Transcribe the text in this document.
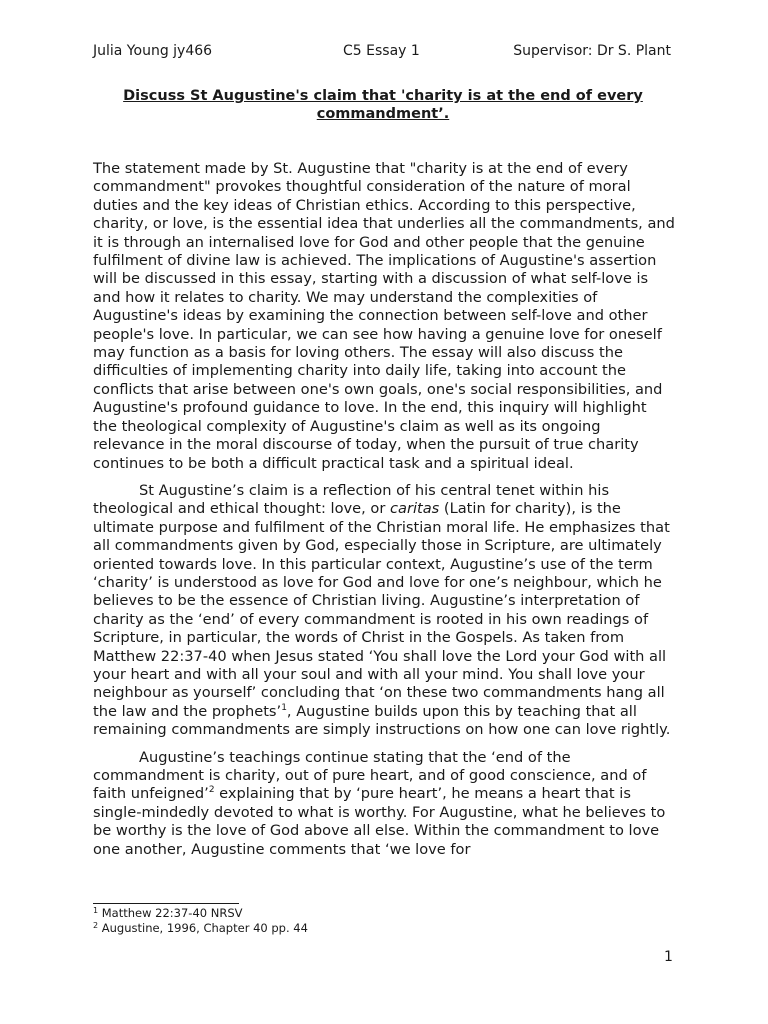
Julia Young jy466	C5 Essay 1	Supervisor: Dr S. Plant
Discuss St Augustine's claim that 'charity is at the end of every commandment’.

The statement made by St. Augustine that "charity is at the end of every commandment" provokes thoughtful consideration of the nature of moral duties and the key ideas of Christian ethics. According to this perspective, charity, or love, is the essential idea that underlies all the commandments, and it is through an internalised love for God and other people that the genuine fulfilment of divine law is achieved. The implications of Augustine's assertion will be discussed in this essay, starting with a discussion of what self-love is and how it relates to charity. We may understand the complexities of Augustine's ideas by examining the connection between self-love and other people's love. In particular, we can see how having a genuine love for oneself may function as a basis for loving others. The essay will also discuss the difficulties of implementing charity into daily life, taking into account the conflicts that arise between one's own goals, one's social responsibilities, and Augustine's profound guidance to love. In the end, this inquiry will highlight the theological complexity of Augustine's claim as well as its ongoing relevance in the moral discourse of today, when the pursuit of true charity continues to be both a difficult practical task and a spiritual ideal.

St Augustine’s claim is a reflection of his central tenet within his theological and ethical thought: love, or caritas (Latin for charity), is the ultimate purpose and fulfilment of the Christian moral life. He emphasizes that all commandments given by God, especially those in Scripture, are ultimately oriented towards love. In this particular context, Augustine’s use of the term ‘charity’ is understood as love for God and love for one’s neighbour, which he believes to be the essence of Christian living. Augustine’s interpretation of charity as the ‘end’ of every commandment is rooted in his own readings of Scripture, in particular, the words of Christ in the Gospels. As taken from Matthew 22:37-40 when Jesus stated ‘You shall love the Lord your God with all your heart and with all your soul and with all your mind. You shall love your neighbour as yourself’ concluding that ‘on these two commandments hang all the law and the prophets’$^1$, Augustine builds upon this by teaching that all remaining commandments are simply instructions on how one can love rightly.

Augustine’s teachings continue stating that the ‘end of the commandment is charity, out of pure heart, and of good conscience, and of faith unfeigned’$^2$ explaining that by ‘pure heart’, he means a heart that is single-mindedly devoted to what is worthy. For Augustine, what he believes to be worthy is the love of God above all else. Within the commandment to love one another, Augustine comments that ‘we love for

$^1$ Matthew 22:37-40 NRSV
$^2$ Augustine, 1996, Chapter 40 pp. 44
1
